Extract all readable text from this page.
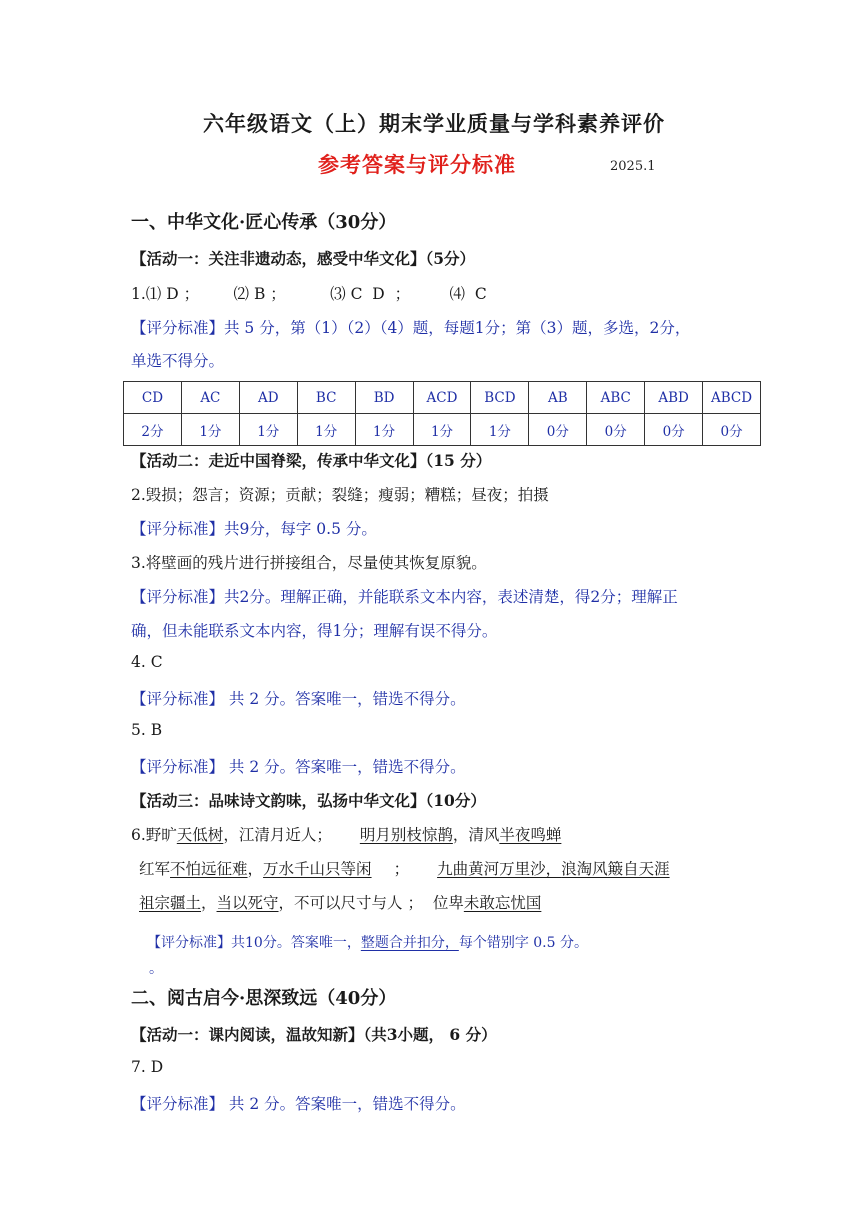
六年级语文（上）期末学业质量与学科素养评价
参考答案与评分标准	2025.1
一、中华文化·匠心传承（30分）
【活动一：关注非遗动态，感受中华文化】（5分）
1.⑴ D ；       ⑵ B ；         ⑶ C  D  ；        ⑷  C
【评分标准】共 5 分，第（1）（2）（4）题，每题1分；第（3）题，多选，2分，
单选不得分。
CD	AC	AD	BC	BD	ACD	BCD	AB	ABC	ABD	ABCD
2分	1分	1分	1分	1分	1分	1分	0分	0分	0分	0分
【活动二：走近中国脊梁，传承中华文化】（15 分）
2.毁损；怨言；资源；贡献；裂缝；瘦弱；糟糕；昼夜；拍摄
【评分标准】共9分，每字 0.5 分。
3.将壁画的残片进行拼接组合，尽量使其恢复原貌。
【评分标准】共2分。理解正确，并能联系文本内容，表述清楚，得2分；理解正
确，但未能联系文本内容，得1分；理解有误不得分。
4. C
【评分标准】 共 2 分。答案唯一，错选不得分。
5. B
【评分标准】 共 2 分。答案唯一，错选不得分。
【活动三：品味诗文韵味，弘扬中华文化】（10分）
6.野旷天低树，江清月近人； 明月别枝惊鹊，清风半夜鸣蝉
红军不怕远征难，万水千山只等闲 ； 九曲黄河万里沙，浪淘风簸自天涯
祖宗疆土，当以死守，不可以尺寸与人 ；  位卑未敢忘忧国
【评分标准】共10分。答案唯一，整题合并扣分，每个错别字 0.5 分。
。
二、阅古启今·思深致远（40分）
【活动一：课内阅读，温故知新】（共3小题， 6 分）
7. D
【评分标准】 共 2 分。答案唯一，错选不得分。
